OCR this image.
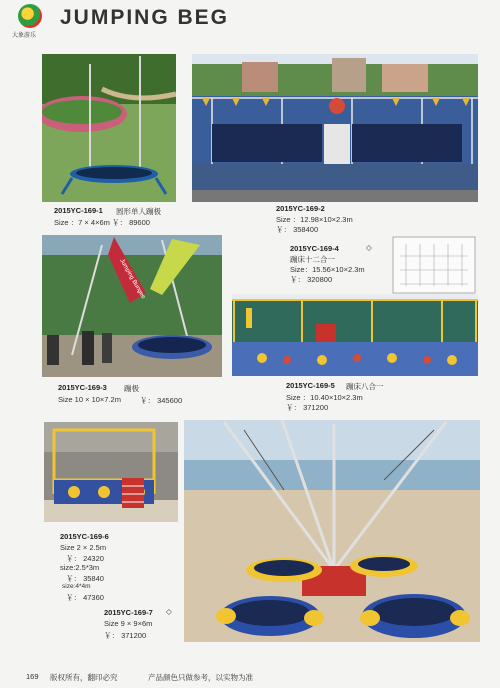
大象游乐
JUMPING BEG
2015YC-169-1 圆形单人蹦极
Size ：7 × 4×6m ￥： 89600
2015YC-169-2
Size ：12.98×10×2.3m
￥： 358400
Jumping Bungee
2015YC-169-3 蹦极
Size 10 × 10×7.2m	￥： 345600
2015YC-169-4	◇
蹦床十二合一
Size：15.56×10×2.3m
￥： 320800
2015YC-169-5 蹦床八合一
Size ：10.40×10×2.3m
￥： 371200
2015YC-169-6
Size 2 × 2.5m
￥： 24320
size:2.5*3m
￥： 35840
size:4*4m
￥： 47360
2015YC-169-7 ◇
Size 9 × 9×6m
￥： 371200
169 版权所有，翻印必究	产品颜色只做参考，以实物为准
